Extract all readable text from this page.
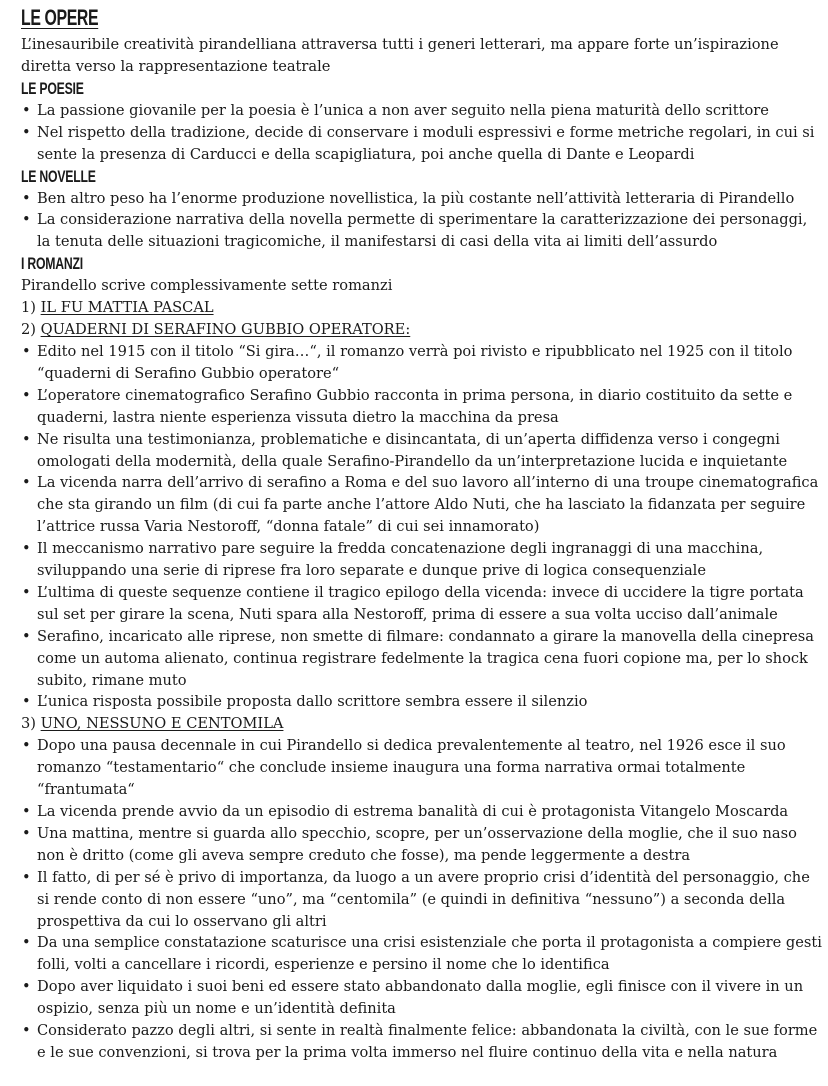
LE OPERE

L’inesauribile creatività pirandelliana attraversa tutti i generi letterari, ma appare forte un’ispirazione diretta verso la rappresentazione teatrale

LE POESIE
• La passione giovanile per la poesia è l’unica a non aver seguito nella piena maturità dello scrittore
• Nel rispetto della tradizione, decide di conservare i moduli espressivi e forme metriche regolari, in cui si sente la presenza di Carducci e della scapigliatura, poi anche quella di Dante e Leopardi
LE NOVELLE
• Ben altro peso ha l’enorme produzione novellistica, la più costante nell’attività letteraria di Pirandello
• La considerazione narrativa della novella permette di sperimentare la caratterizzazione dei personaggi, la tenuta delle situazioni tragicomiche, il manifestarsi di casi della vita ai limiti dell’assurdo
I ROMANZI

Pirandello scrive complessivamente sette romanzi

1) IL FU MATTIA PASCAL

2) QUADERNI DI SERAFINO GUBBIO OPERATORE:

• Edito nel 1915 con il titolo “Si gira…“, il romanzo verrà poi rivisto e ripubblicato nel 1925 con il titolo “quaderni di Serafino Gubbio operatore“
• L’operatore cinematografico Serafino Gubbio racconta in prima persona, in diario costituito da sette e quaderni, lastra niente esperienza vissuta dietro la macchina da presa
• Ne risulta una testimonianza, problematiche e disincantata, di un’aperta diffidenza verso i congegni omologati della modernità, della quale Serafino-Pirandello da un’interpretazione lucida e inquietante
• La vicenda narra dell’arrivo di serafino a Roma e del suo lavoro all’interno di una troupe cinematografica che sta girando un film (di cui fa parte anche l’attore Aldo Nuti, che ha lasciato la fidanzata per seguire l’attrice russa Varia Nestoroff, “donna fatale” di cui sei innamorato)
• Il meccanismo narrativo pare seguire la fredda concatenazione degli ingranaggi di una macchina, sviluppando una serie di riprese fra loro separate e dunque prive di logica consequenziale
• L’ultima di queste sequenze contiene il tragico epilogo della vicenda: invece di uccidere la tigre portata sul set per girare la scena, Nuti spara alla Nestoroff, prima di essere a sua volta ucciso dall’animale
• Serafino, incaricato alle riprese, non smette di filmare: condannato a girare la manovella della cinepresa come un automa alienato, continua registrare fedelmente la tragica cena fuori copione ma, per lo shock subito, rimane muto
• L’unica risposta possibile proposta dallo scrittore sembra essere il silenzio

3) UNO, NESSUNO E CENTOMILA

• Dopo una pausa decennale in cui Pirandello si dedica prevalentemente al teatro, nel 1926 esce il suo romanzo “testamentario“ che conclude insieme inaugura una forma narrativa ormai totalmente “frantumata“
• La vicenda prende avvio da un episodio di estrema banalità di cui è protagonista Vitangelo Moscarda
• Una mattina, mentre si guarda allo specchio, scopre, per un’osservazione della moglie, che il suo naso non è dritto (come gli aveva sempre creduto che fosse), ma pende leggermente a destra
• Il fatto, di per sé è privo di importanza, da luogo a un avere proprio crisi d’identità del personaggio, che si rende conto di non essere “uno”, ma “centomila” (e quindi in definitiva “nessuno”) a seconda della prospettiva da cui lo osservano gli altri
• Da una semplice constatazione scaturisce una crisi esistenziale che porta il protagonista a compiere gesti folli, volti a cancellare i ricordi, esperienze e persino il nome che lo identifica
• Dopo aver liquidato i suoi beni ed essere stato abbandonato dalla moglie, egli finisce con il vivere in un ospizio, senza più un nome e un’identità definita
• Considerato pazzo degli altri, si sente in realtà finalmente felice: abbandonata la civiltà, con le sue forme e le sue convenzioni, si trova per la prima volta immerso nel fluire continuo della vita e nella natura
